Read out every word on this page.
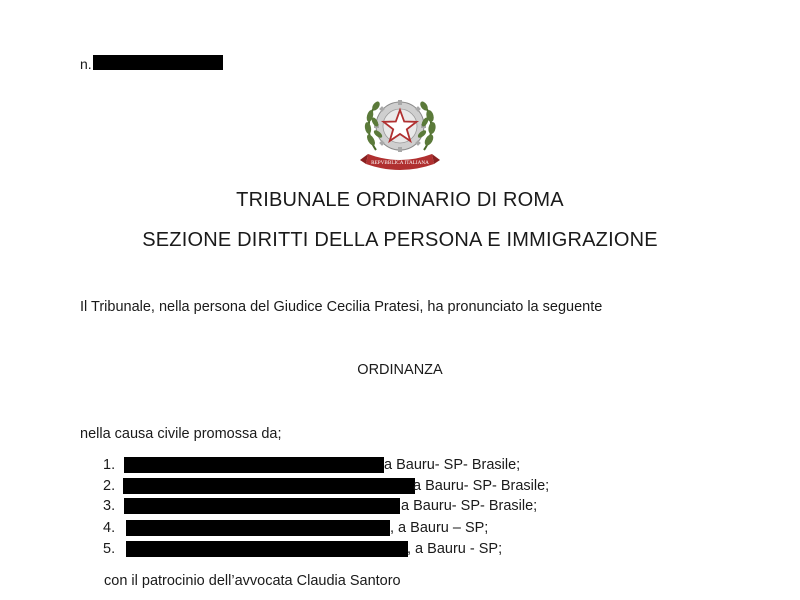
n.
REPVBBLICA ITALIANA
TRIBUNALE ORDINARIO DI ROMA
SEZIONE DIRITTI DELLA PERSONA E IMMIGRAZIONE
Il Tribunale, nella persona del Giudice Cecilia Pratesi, ha pronunciato la seguente
ORDINANZA
nella causa civile promossa da;
1.	a Bauru- SP- Brasile;
2.	a Bauru- SP- Brasile;
3.	a Bauru- SP- Brasile;
4.	, a Bauru – SP;
5.	, a Bauru - SP;
con il patrocinio dell’avvocata Claudia Santoro
